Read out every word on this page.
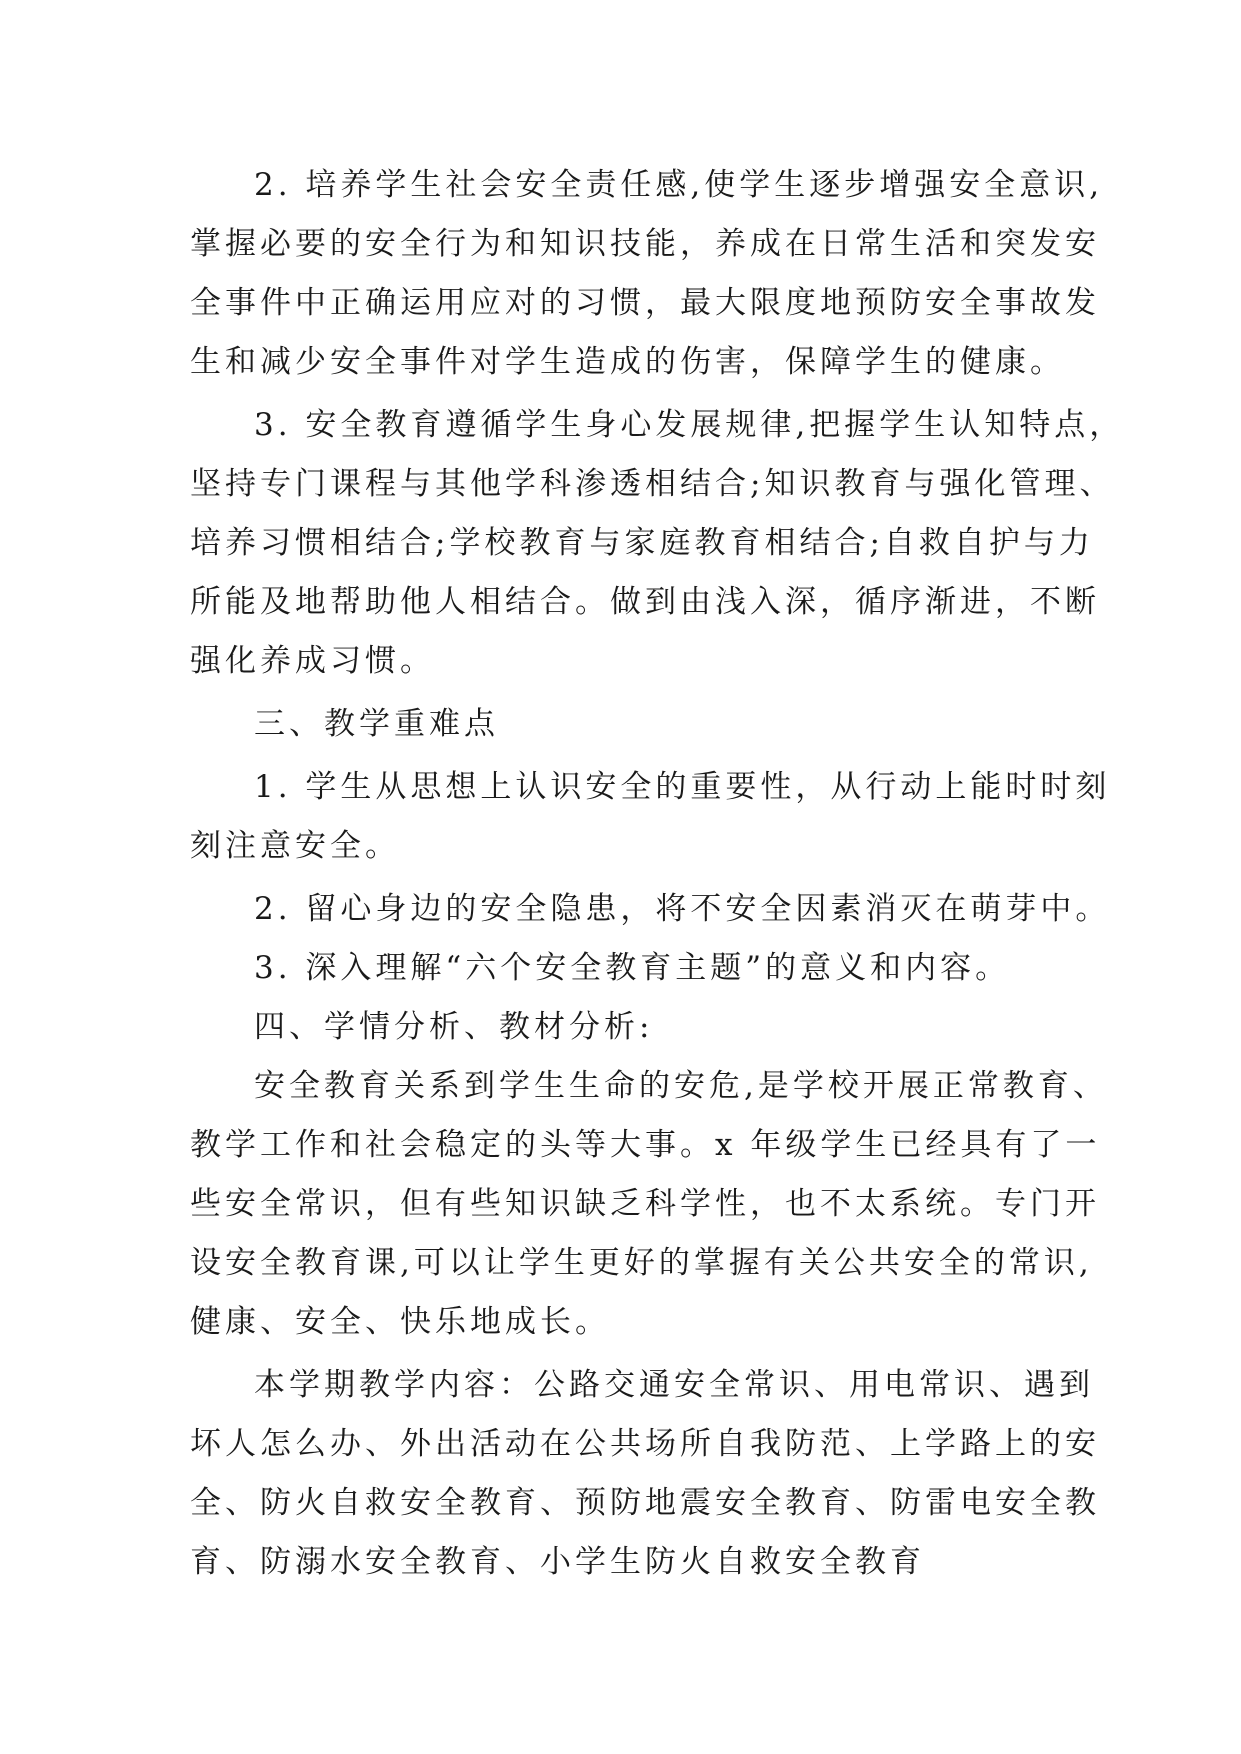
2. 培养学生社会安全责任感,使学生逐步增强安全意识,
掌握必要的安全行为和知识技能，养成在日常生活和突发安
全事件中正确运用应对的习惯，最大限度地预防安全事故发
生和减少安全事件对学生造成的伤害，保障学生的健康。
3. 安全教育遵循学生身心发展规律,把握学生认知特点，
坚持专门课程与其他学科渗透相结合;知识教育与强化管理、
培养习惯相结合;学校教育与家庭教育相结合;自救自护与力
所能及地帮助他人相结合。做到由浅入深，循序渐进，不断
强化养成习惯。
三、教学重难点
1. 学生从思想上认识安全的重要性，从行动上能时时刻
刻注意安全。
2. 留心身边的安全隐患，将不安全因素消灭在萌芽中。
3. 深入理解“六个安全教育主题”的意义和内容。
四、学情分析、教材分析:
安全教育关系到学生生命的安危,是学校开展正常教育、
教学工作和社会稳定的头等大事。x 年级学生已经具有了一
些安全常识，但有些知识缺乏科学性，也不太系统。专门开
设安全教育课,可以让学生更好的掌握有关公共安全的常识,
健康、安全、快乐地成长。
本学期教学内容：公路交通安全常识、用电常识、遇到
坏人怎么办、外出活动在公共场所自我防范、上学路上的安
全、防火自救安全教育、预防地震安全教育、防雷电安全教
育、防溺水安全教育、小学生防火自救安全教育
